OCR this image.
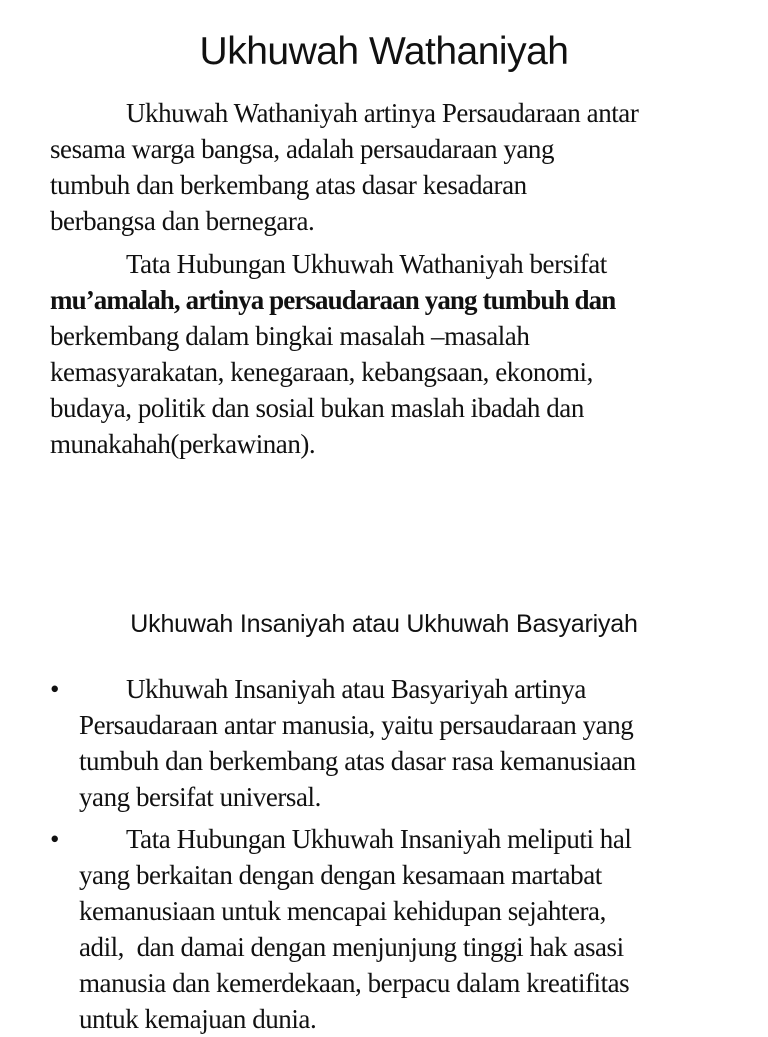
Ukhuwah Wathaniyah
Ukhuwah Wathaniyah artinya Persaudaraan antar
sesama warga bangsa, adalah persaudaraan yang
tumbuh dan berkembang atas dasar kesadaran
berbangsa dan bernegara.
Tata Hubungan Ukhuwah Wathaniyah bersifat
mu’amalah, artinya persaudaraan yang tumbuh dan
berkembang dalam bingkai masalah –masalah
kemasyarakatan, kenegaraan, kebangsaan, ekonomi,
budaya, politik dan sosial bukan maslah ibadah dan
munakahah(perkawinan).
Ukhuwah Insaniyah atau Ukhuwah Basyariyah
•	Ukhuwah Insaniyah atau Basyariyah artinya
Persaudaraan antar manusia, yaitu persaudaraan yang
tumbuh dan berkembang atas dasar rasa kemanusiaan
yang bersifat universal.
•	Tata Hubungan Ukhuwah Insaniyah meliputi hal
yang berkaitan dengan dengan kesamaan martabat
kemanusiaan untuk mencapai kehidupan sejahtera,
adil,  dan damai dengan menjunjung tinggi hak asasi
manusia dan kemerdekaan, berpacu dalam kreatifitas
untuk kemajuan dunia.
